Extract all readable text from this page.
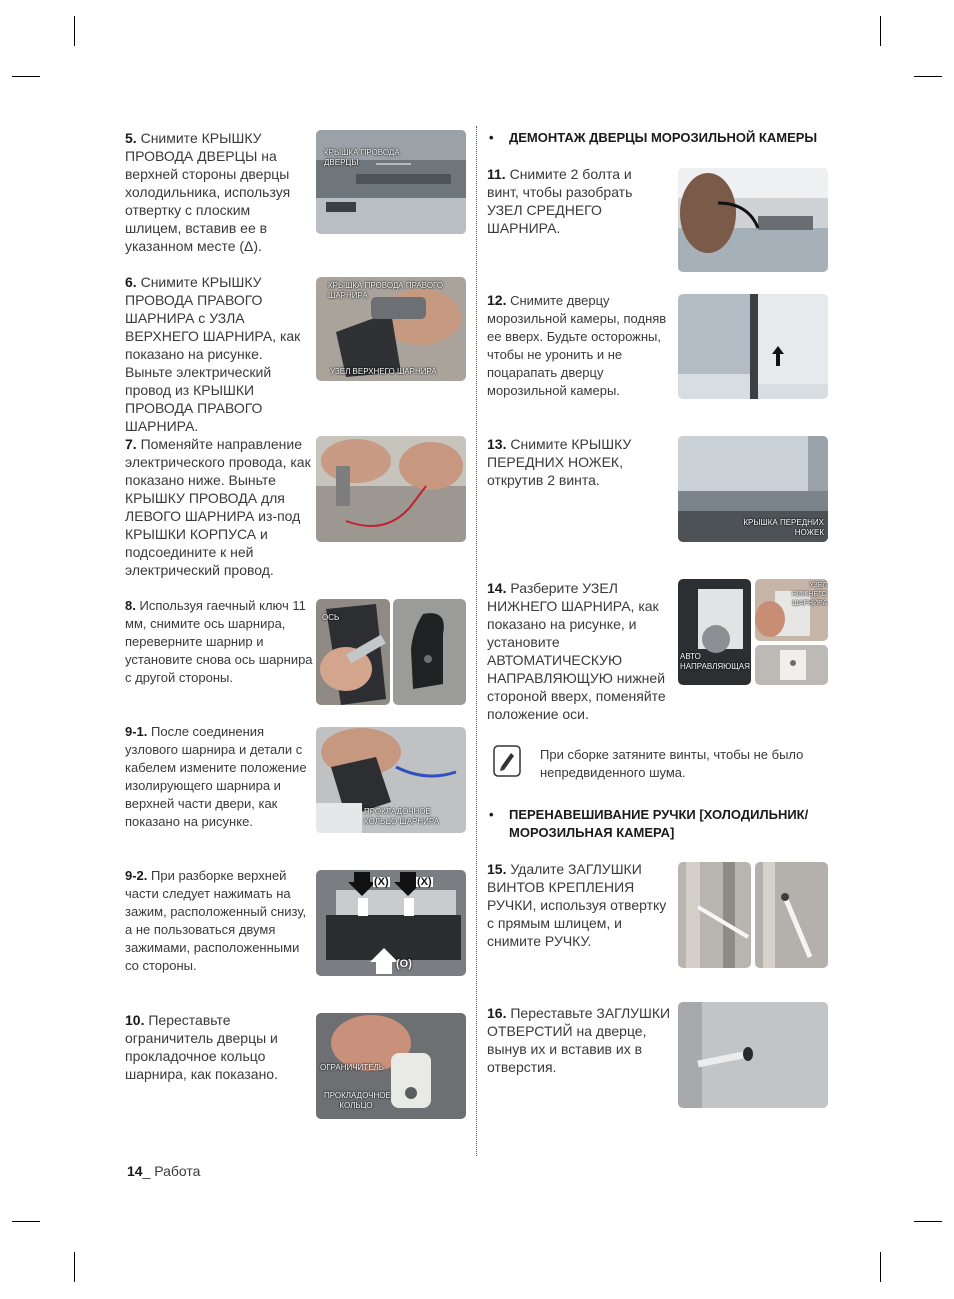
5. Снимите КРЫШКУ ПРОВОДА ДВЕРЦЫ на верхней стороны дверцы холодильника, используя отвертку с плоским шлицем, вставив ее в указанном месте (Δ).
КРЫШКА ПРОВОДА ДВЕРЦЫ
6. Снимите КРЫШКУ ПРОВОДА ПРАВОГО ШАРНИРА с УЗЛА ВЕРХНЕГО ШАРНИРА, как показано на рисунке. Выньте электрический провод из КРЫШКИ ПРОВОДА ПРАВОГО ШАРНИРА.
КРЫШКА ПРОВОДА ПРАВОГО ШАРНИРА
УЗЕЛ ВЕРХНЕГО ШАРНИРА
7. Поменяйте направление электрического провода, как показано ниже. Выньте КРЫШКУ ПРОВОДА для ЛЕВОГО ШАРНИРА из-под КРЫШКИ КОРПУСА и подсоедините к ней электрический провод.
8. Используя гаечный ключ 11 мм, снимите ось шарнира, переверните шарнир и установите снова ось шарнира с другой стороны.
ОСЬ
9-1. После соединения узлового шарнира и детали с кабелем измените положение изолирующего шарнира и верхней части двери, как показано на рисунке.
ПРОКЛАДОЧНОЕ КОЛЬЦО ШАРНИРА
9-2. При разборке верхней части следует нажимать на зажим, расположенный снизу, а не пользоваться двумя зажимами, расположенными со стороны.
(X)	(X)
(O)
10. Переставьте ограничитель дверцы и прокладочное кольцо шарнира, как показано.	ОГРАНИЧИТЕЛЬ
ПРОКЛАДОЧНОЕ КОЛЬЦО
• ДЕМОНТАЖ ДВЕРЦЫ МОРОЗИЛЬНОЙ КАМЕРЫ
11. Снимите 2 болта и винт, чтобы разобрать УЗЕЛ СРЕДНЕГО ШАРНИРА.
12. Снимите дверцу морозильной камеры, подняв ее вверх. Будьте осторожны, чтобы не уронить и не поцарапать дверцу морозильной камеры.
13. Снимите КРЫШКУ ПЕРЕДНИХ НОЖЕК, открутив 2 винта.
КРЫШКА ПЕРЕДНИХ НОЖЕК
14. Разберите УЗЕЛ НИЖНЕГО ШАРНИРА, как показано на рисунке, и установите АВТОМАТИЧЕСКУЮ НАПРАВЛЯЮЩУЮ нижней стороной вверх, поменяйте положение оси.
АВТО НАПРАВЛЯЮЩАЯ
УЗЕЛ НИЖНЕГО ШАРНИРА
При сборке затяните винты, чтобы не было непредвиденного шума.
• ПЕРЕНАВЕШИВАНИЕ РУЧКИ [ХОЛОДИЛЬНИК/МОРОЗИЛЬНАЯ КАМЕРА]
15. Удалите ЗАГЛУШКИ ВИНТОВ КРЕПЛЕНИЯ РУЧКИ, используя отвертку с прямым шлицем, и снимите РУЧКУ.
16. Переставьте ЗАГЛУШКИ ОТВЕРСТИЙ на дверце, вынув их и вставив их в отверстия.
14_ Работа
